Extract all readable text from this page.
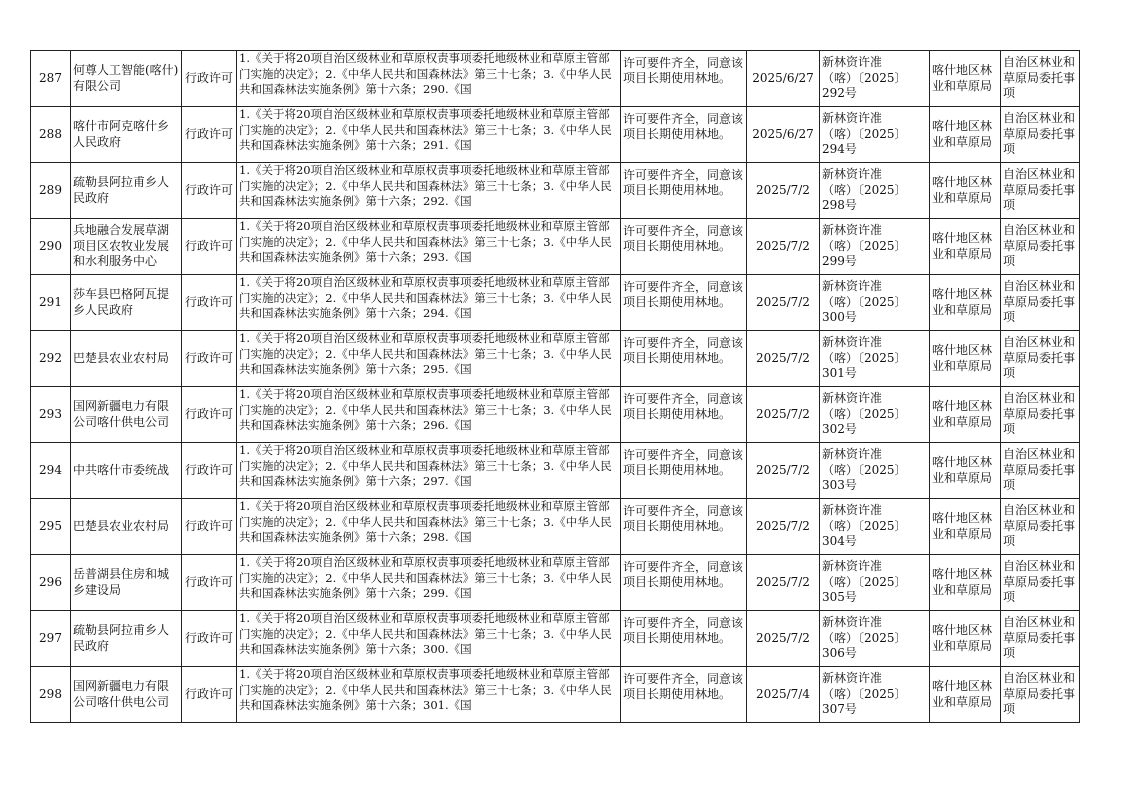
287	何尊人工智能(喀什)有限公司	行政许可	1.《关于将20项自治区级林业和草原权责事项委托地级林业和草原主管部门实施的决定》；2.《中华人民共和国森林法》第三十七条；3.《中华人民共和国森林法实施条例》第十六条；290.《国	许可要件齐全，同意该项目长期使用林地。	2025/6/27	新林资许准
（喀）〔2025〕
292号	喀什地区林业和草原局	自治区林业和草原局委托事项
288	喀什市阿克喀什乡人民政府	行政许可	1.《关于将20项自治区级林业和草原权责事项委托地级林业和草原主管部门实施的决定》；2.《中华人民共和国森林法》第三十七条；3.《中华人民共和国森林法实施条例》第十六条；291.《国	许可要件齐全，同意该项目长期使用林地。	2025/6/27	新林资许准
（喀）〔2025〕
294号	喀什地区林业和草原局	自治区林业和草原局委托事项
289	疏勒县阿拉甫乡人民政府	行政许可	1.《关于将20项自治区级林业和草原权责事项委托地级林业和草原主管部门实施的决定》；2.《中华人民共和国森林法》第三十七条；3.《中华人民共和国森林法实施条例》第十六条；292.《国	许可要件齐全，同意该项目长期使用林地。	2025/7/2	新林资许准
（喀）〔2025〕
298号	喀什地区林业和草原局	自治区林业和草原局委托事项
290	兵地融合发展草湖项目区农牧业发展和水利服务中心	行政许可	1.《关于将20项自治区级林业和草原权责事项委托地级林业和草原主管部门实施的决定》；2.《中华人民共和国森林法》第三十七条；3.《中华人民共和国森林法实施条例》第十六条；293.《国	许可要件齐全，同意该项目长期使用林地。	2025/7/2	新林资许准
（喀）〔2025〕
299号	喀什地区林业和草原局	自治区林业和草原局委托事项
291	莎车县巴格阿瓦提乡人民政府	行政许可	1.《关于将20项自治区级林业和草原权责事项委托地级林业和草原主管部门实施的决定》；2.《中华人民共和国森林法》第三十七条；3.《中华人民共和国森林法实施条例》第十六条；294.《国	许可要件齐全，同意该项目长期使用林地。	2025/7/2	新林资许准
（喀）〔2025〕
300号	喀什地区林业和草原局	自治区林业和草原局委托事项
292	巴楚县农业农村局	行政许可	1.《关于将20项自治区级林业和草原权责事项委托地级林业和草原主管部门实施的决定》；2.《中华人民共和国森林法》第三十七条；3.《中华人民共和国森林法实施条例》第十六条；295.《国	许可要件齐全，同意该项目长期使用林地。	2025/7/2	新林资许准
（喀）〔2025〕
301号	喀什地区林业和草原局	自治区林业和草原局委托事项
293	国网新疆电力有限公司喀什供电公司	行政许可	1.《关于将20项自治区级林业和草原权责事项委托地级林业和草原主管部门实施的决定》；2.《中华人民共和国森林法》第三十七条；3.《中华人民共和国森林法实施条例》第十六条；296.《国	许可要件齐全，同意该项目长期使用林地。	2025/7/2	新林资许准
（喀）〔2025〕
302号	喀什地区林业和草原局	自治区林业和草原局委托事项
294	中共喀什市委统战	行政许可	1.《关于将20项自治区级林业和草原权责事项委托地级林业和草原主管部门实施的决定》；2.《中华人民共和国森林法》第三十七条；3.《中华人民共和国森林法实施条例》第十六条；297.《国	许可要件齐全，同意该项目长期使用林地。	2025/7/2	新林资许准
（喀）〔2025〕
303号	喀什地区林业和草原局	自治区林业和草原局委托事项
295	巴楚县农业农村局	行政许可	1.《关于将20项自治区级林业和草原权责事项委托地级林业和草原主管部门实施的决定》；2.《中华人民共和国森林法》第三十七条；3.《中华人民共和国森林法实施条例》第十六条；298.《国	许可要件齐全，同意该项目长期使用林地。	2025/7/2	新林资许准
（喀）〔2025〕
304号	喀什地区林业和草原局	自治区林业和草原局委托事项
296	岳普湖县住房和城乡建设局	行政许可	1.《关于将20项自治区级林业和草原权责事项委托地级林业和草原主管部门实施的决定》；2.《中华人民共和国森林法》第三十七条；3.《中华人民共和国森林法实施条例》第十六条；299.《国	许可要件齐全，同意该项目长期使用林地。	2025/7/2	新林资许准
（喀）〔2025〕
305号	喀什地区林业和草原局	自治区林业和草原局委托事项
297	疏勒县阿拉甫乡人民政府	行政许可	1.《关于将20项自治区级林业和草原权责事项委托地级林业和草原主管部门实施的决定》；2.《中华人民共和国森林法》第三十七条；3.《中华人民共和国森林法实施条例》第十六条；300.《国	许可要件齐全，同意该项目长期使用林地。	2025/7/2	新林资许准
（喀）〔2025〕
306号	喀什地区林业和草原局	自治区林业和草原局委托事项
298	国网新疆电力有限公司喀什供电公司	行政许可	1.《关于将20项自治区级林业和草原权责事项委托地级林业和草原主管部门实施的决定》；2.《中华人民共和国森林法》第三十七条；3.《中华人民共和国森林法实施条例》第十六条；301.《国	许可要件齐全，同意该项目长期使用林地。	2025/7/4	新林资许准
（喀）〔2025〕
307号	喀什地区林业和草原局	自治区林业和草原局委托事项
